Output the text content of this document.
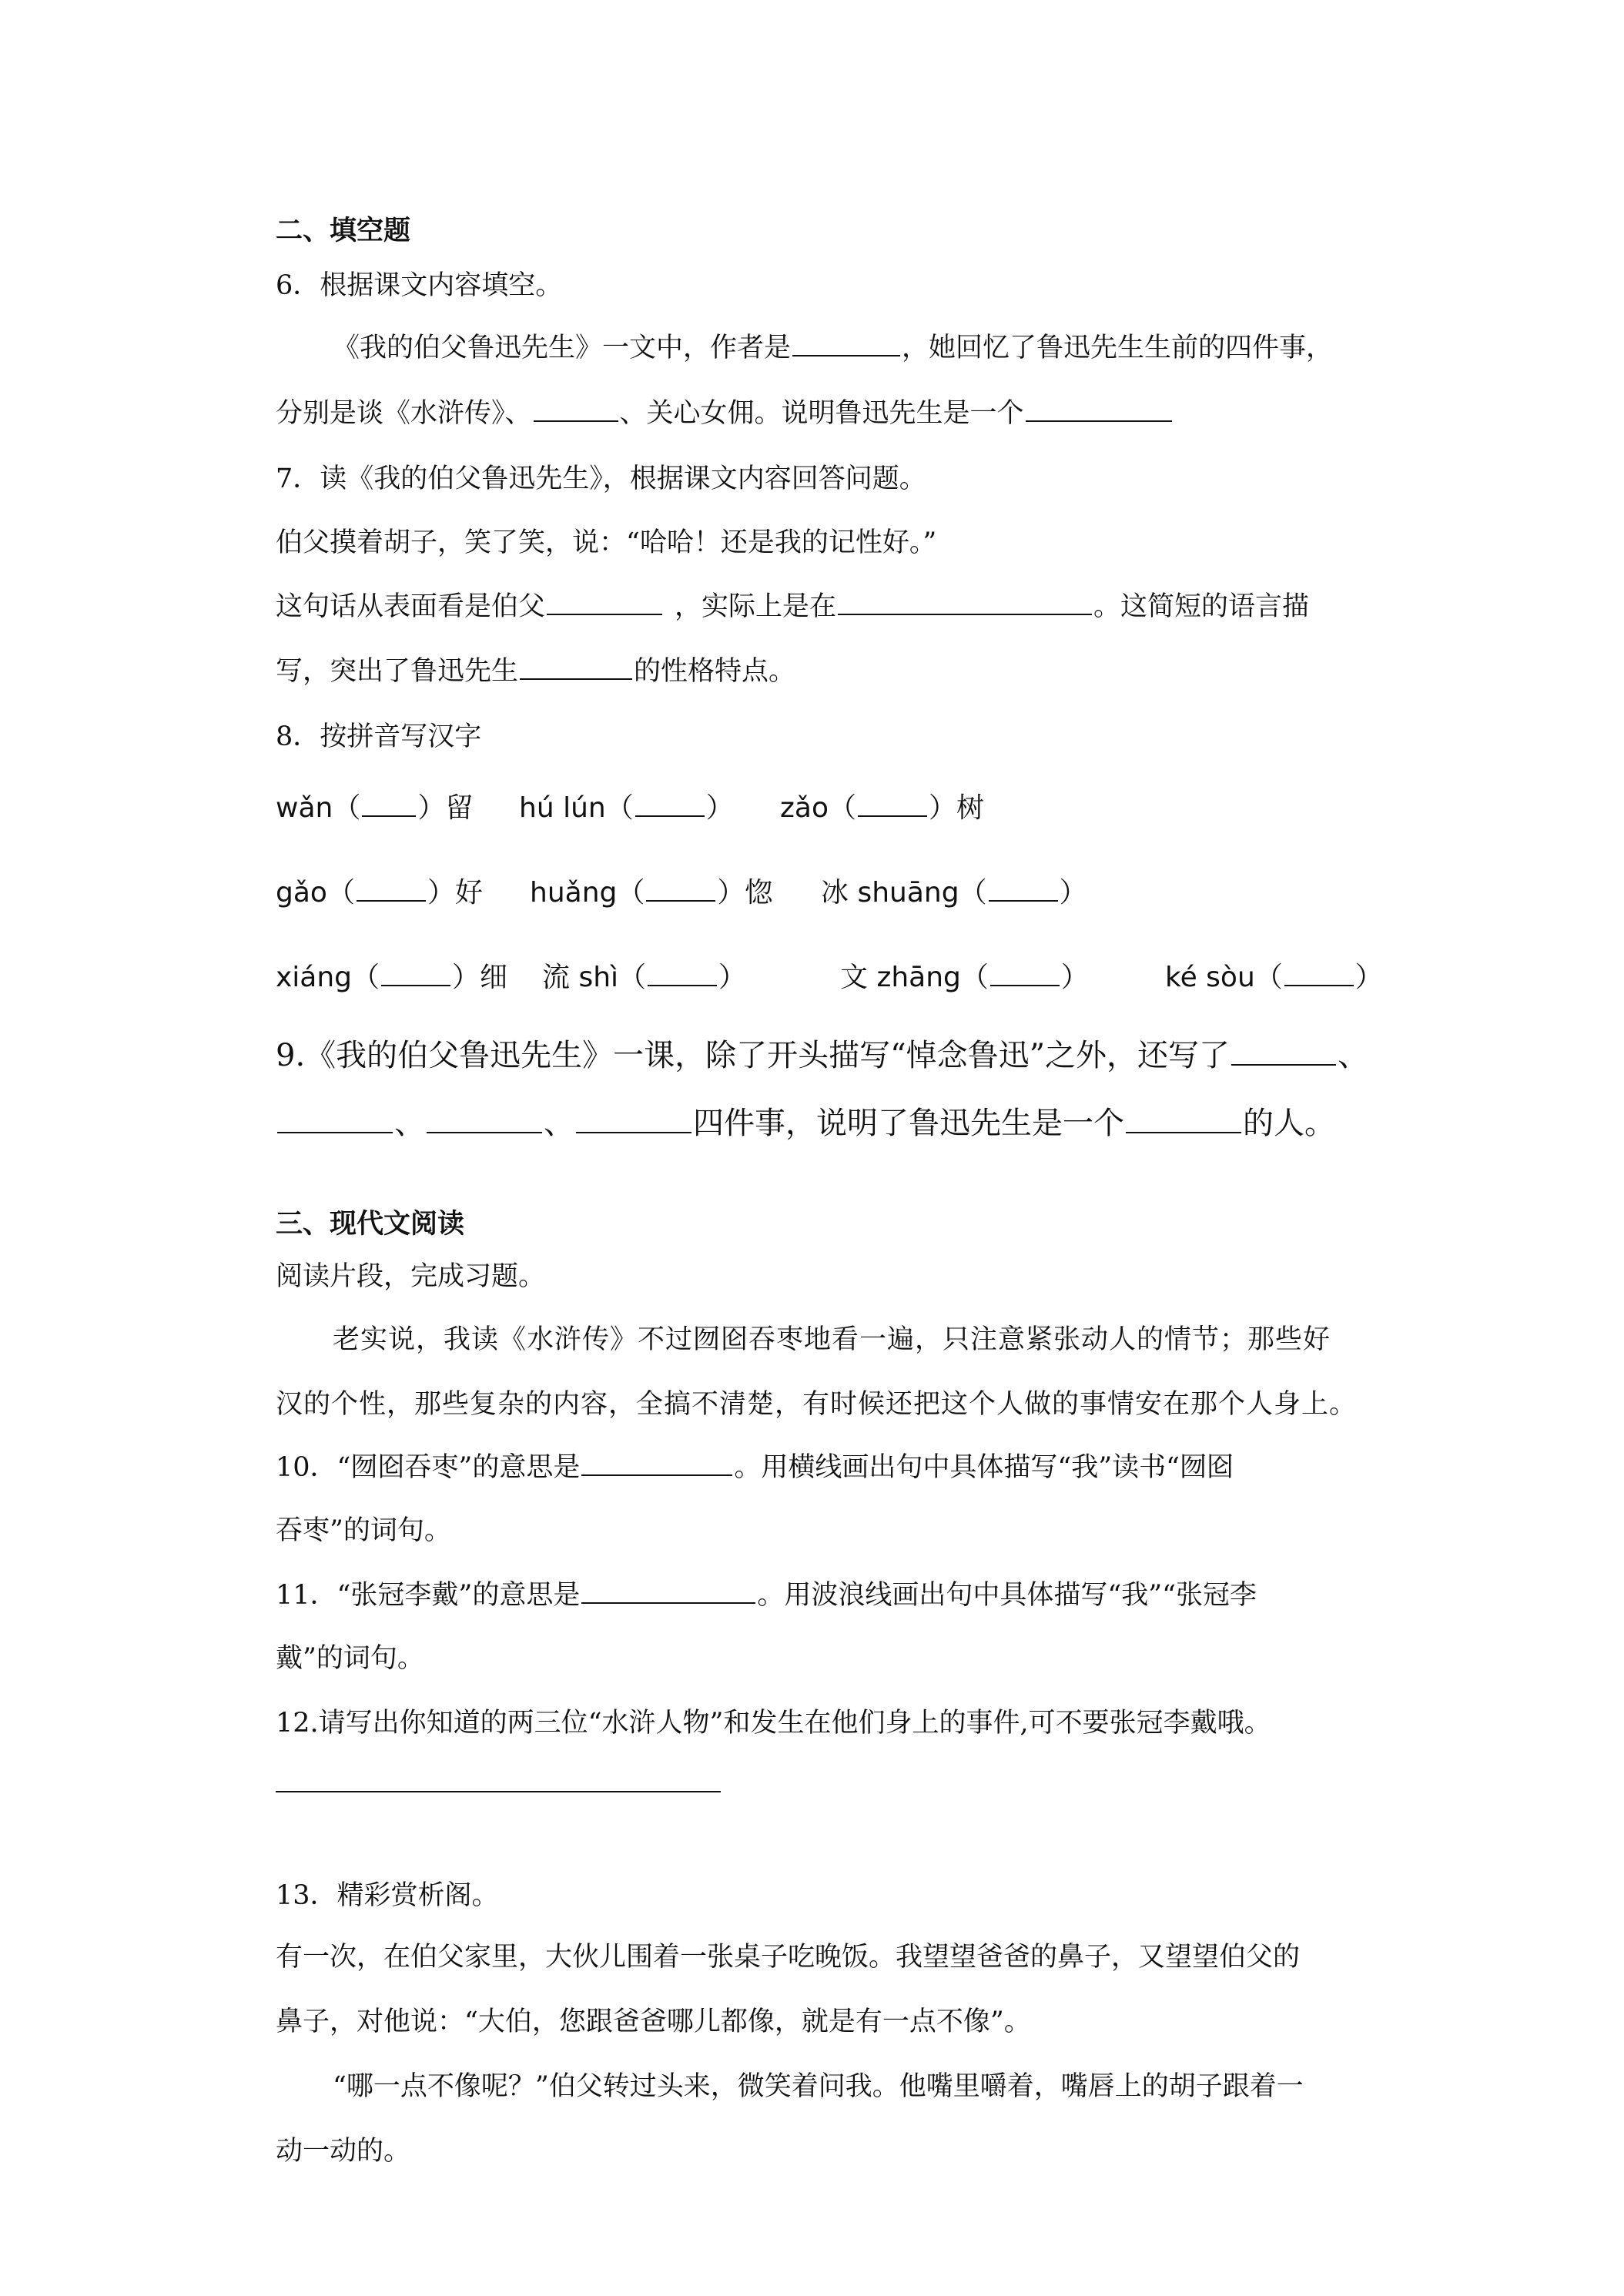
二、填空题
6．根据课文内容填空。
《我的伯父鲁迅先生》一文中，作者是	，她回忆了鲁迅先生生前的四件事，
分别是谈《水浒传》、	、关心女佣。说明鲁迅先生是一个
7．读《我的伯父鲁迅先生》，根据课文内容回答问题。
伯父摸着胡子，笑了笑，说：“哈哈！还是我的记性好。”
这句话从表面看是伯父	，实际上是在	。这简短的语言描
写，突出了鲁迅先生	的性格特点。
8．按拼音写汉字
wǎn（ ）留 hú lún（	） zǎo（	）树
gǎo（	）好 huǎng（	）惚 冰 shuāng（	）
xiáng（	）细 流 shì（	）	文 zhāng（	）	ké sòu（	）
9.《我的伯父鲁迅先生》一课，除了开头描写“悼念鲁迅”之外，还写了	、
、	、	四件事，说明了鲁迅先生是一个	的人。
三、现代文阅读
阅读片段，完成习题。
老实说，我读《水浒传》不过囫囵吞枣地看一遍，只注意紧张动人的情节；那些好
汉的个性，那些复杂的内容，全搞不清楚，有时候还把这个人做的事情安在那个人身上。
10．“囫囵吞枣”的意思是	。用横线画出句中具体描写“我”读书“囫囵
吞枣”的词句。
11．“张冠李戴”的意思是	。用波浪线画出句中具体描写“我”“张冠李
戴”的词句。
12.请写出你知道的两三位“水浒人物”和发生在他们身上的事件,可不要张冠李戴哦。
13．精彩赏析阁。
有一次，在伯父家里，大伙儿围着一张桌子吃晚饭。我望望爸爸的鼻子，又望望伯父的
鼻子，对他说：“大伯，您跟爸爸哪儿都像，就是有一点不像”。
“哪一点不像呢？”伯父转过头来，微笑着问我。他嘴里嚼着，嘴唇上的胡子跟着一
动一动的。
